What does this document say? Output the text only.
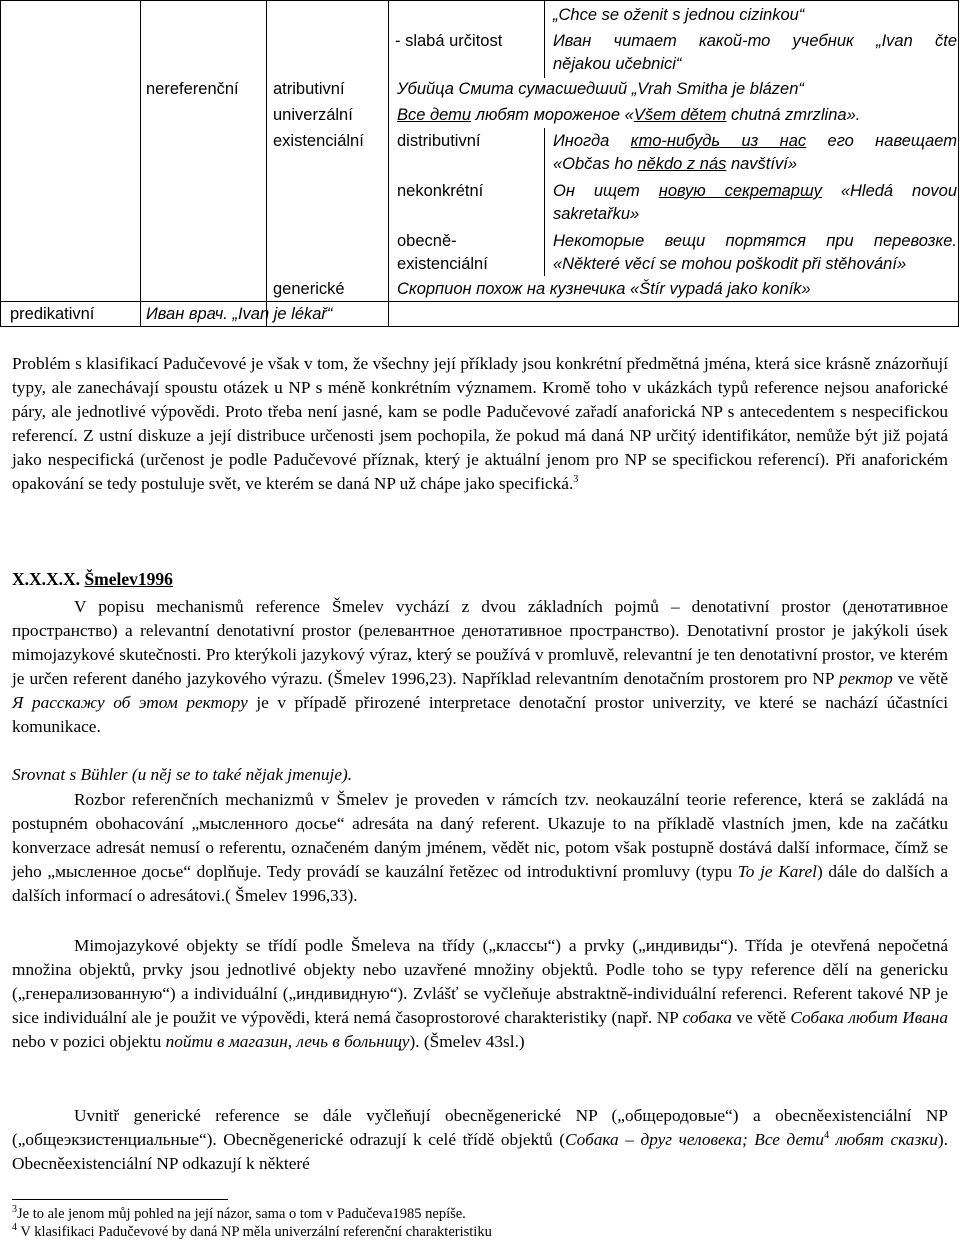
„Chce se oženit s jednou cizinkou“
- slabá určitost	Иван читает какой-то учебник „Ivan čte
nějakou učebnici“
nereferenční atributivní	Убийца Смита сумасшедший „Vrah Smitha je blázen“
univerzální	Все дети любят мороженое «Všem dětem chutná zmrzlina».
existenciální distributivní	Иногда кто-нибудь из нас его навещает
«Občas ho někdo z nás navštíví»
nekonkrétní	Он ищет новую секретаршу «Hledá novou
sakretařku»
obecně-
existenciální
Некоторые вещи портятся при перевозке.
«Některé věcí se mohou poškodit při stěhování»
generické	Скорпион похож на кузнечика «Štír vypadá jako koník»
predikativní	Иван врач. „Ivan je lékař“

Problém s klasifikací Padučevové je však v tom, že všechny její příklady jsou konkrétní předmětná jména, která sice krásně znázorňují typy, ale zanechávají spoustu otázek u NP s méně konkrétním významem. Kromě toho v ukázkách typů reference nejsou anaforické páry, ale jednotlivé výpovědi. Proto třeba není jasné, kam se podle Padučevové zařadí anaforická NP s antecedentem s nespecifickou referencí. Z ustní diskuze a její distribuce určenosti jsem pochopila, že pokud má daná NP určitý identifikátor, nemůže být již pojatá jako nespecifická (určenost je podle Padučevové příznak, který je aktuální jenom pro NP se specifickou referencí). Při anaforickém opakování se tedy postuluje svět, ve kterém se daná NP už chápe jako specifická.$^3$

X.X.X.X. Šmelev1996

V popisu mechanismů reference Šmelev vychází z dvou základních pojmů – denotativní prostor (денотативное пространство) a relevantní denotativní prostor (релевантное денотативное пространство). Denotativní prostor je jakýkoli úsek mimojazykové skutečnosti. Pro kterýkoli jazykový výraz, který se používá v promluvě, relevantní je ten denotativní prostor, ve kterém je určen referent daného jazykového výrazu. (Šmelev 1996,23). Například relevantním denotačním prostorem pro NP ректор ve větě Я расскажу об этом ректору je v případě přirozené interpretace denotační prostor univerzity, ve které se nachází účastníci komunikace.

Srovnat s Bühler (u něj se to také nějak jmenuje).

Rozbor referenčních mechanizmů v Šmelev je proveden v rámcích tzv. neokauzální teorie reference, která se zakládá na postupném obohacování „мысленного досье“ adresáta na daný referent. Ukazuje to na příkladě vlastních jmen, kde na začátku konverzace adresát nemusí o referentu, označeném daným jménem, vědět nic, potom však postupně dostává další informace, čímž se jeho „мысленное досье“ doplňuje. Tedy provádí se kauzální řetězec od introduktivní promluvy (typu To je Karel) dále do dalších a dalších informací o adresátovi.( Šmelev 1996,33).

Mimojazykové objekty se třídí podle Šmeleva na třídy („классы“) a prvky („индивиды“). Třída je otevřená nepočetná množina objektů, prvky jsou jednotlivé objekty nebo uzavřené množiny objektů. Podle toho se typy reference dělí na genericku („генерализованную“) a individuální („индивидную“). Zvlášť se vyčleňuje abstraktně-individuální referenci. Referent takové NP je sice individuální ale je použit ve výpovědi, která nemá časoprostorové charakteristiky (např. NP собака ve větě Собака любит Ивана nebo v pozici objektu пойти в магазин, лечь в больницу). (Šmelev 43sl.)

Uvnitř generické reference se dále vyčleňují obecněgenerické NP („общеродовые“) a obecněexistenciální NP („общеэкзистенциальные“). Obecněgenerické odrazují k celé třídě objektů (Собака – друг человека; Все дети$^4$ любят сказки). Obecněexistenciální NP odkazují k některé

$^3$Je to ale jenom můj pohled na její názor, sama o tom v Padučeva1985 nepíše.
$^4$ V klasifikaci Padučevové by daná NP měla univerzální referenční charakteristiku
